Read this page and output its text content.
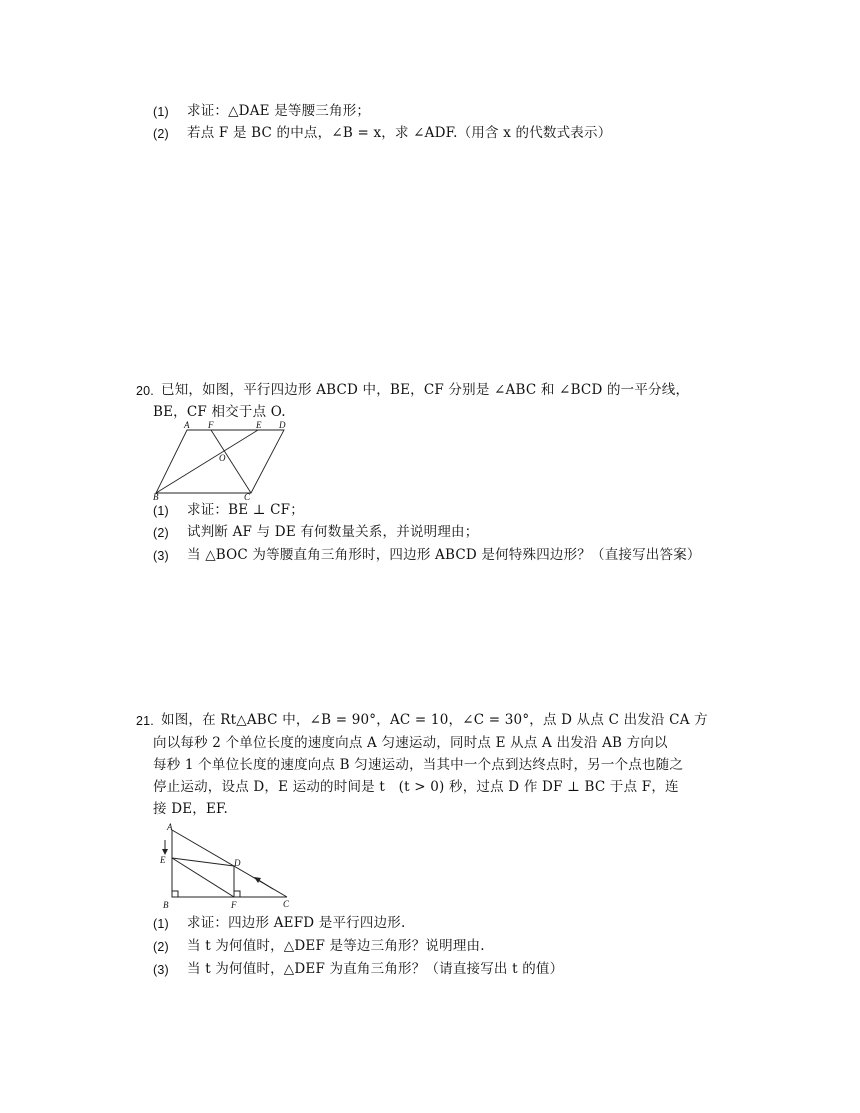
(1) 求证：△DAE 是等腰三角形；
(2) 若点 F 是 BC 的中点，∠B = x，求 ∠ADF.（用含 x 的代数式表示）
20. 已知，如图，平行四边形 ABCD 中，BE，CF 分别是 ∠ABC 和 ∠BCD 的一平分线，
BE，CF 相交于点 O.
A F	E D
O
B	C
(1) 求证：BE ⊥ CF；
(2) 试判断 AF 与 DE 有何数量关系，并说明理由；
(3) 当 △BOC 为等腰直角三角形时，四边形 ABCD 是何特殊四边形？（直接写出答案）
21. 如图，在 Rt△ABC 中，∠B = 90°，AC = 10，∠C = 30°，点 D 从点 C 出发沿 CA 方
向以每秒 2 个单位长度的速度向点 A 匀速运动，同时点 E 从点 A 出发沿 AB 方向以
每秒 1 个单位长度的速度向点 B 匀速运动，当其中一个点到达终点时，另一个点也随之
停止运动，设点 D，E 运动的时间是 t　(t > 0) 秒，过点 D 作 DF ⊥ BC 于点 F，连
接 DE，EF.
A
E	D
B	F	C
(1) 求证：四边形 AEFD 是平行四边形.
(2) 当 t 为何值时，△DEF 是等边三角形？说明理由.
(3) 当 t 为何值时，△DEF 为直角三角形？（请直接写出 t 的值）
